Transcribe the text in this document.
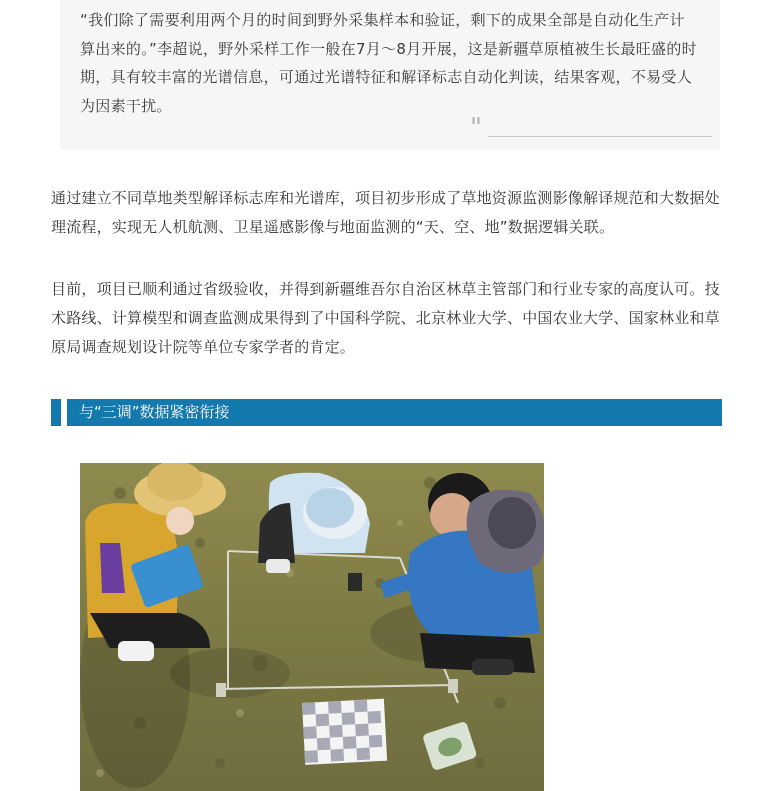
“我们除了需要利用两个月的时间到野外采集样本和验证，剩下的成果全部是自动化生产计算出来的。”李超说，野外采样工作一般在7月～8月开展，这是新疆草原植被生长最旺盛的时期，具有较丰富的光谱信息，可通过光谱特征和解译标志自动化判读，结果客观，不易受人为因素干扰。

"

通过建立不同草地类型解译标志库和光谱库，项目初步形成了草地资源监测影像解译规范和大数据处理流程，实现无人机航测、卫星遥感影像与地面监测的“天、空、地”数据逻辑关联。

目前，项目已顺利通过省级验收，并得到新疆维吾尔自治区林草主管部门和行业专家的高度认可。技术路线、计算模型和调查监测成果得到了中国科学院、北京林业大学、中国农业大学、国家林业和草原局调查规划设计院等单位专家学者的肯定。

与“三调”数据紧密衔接
